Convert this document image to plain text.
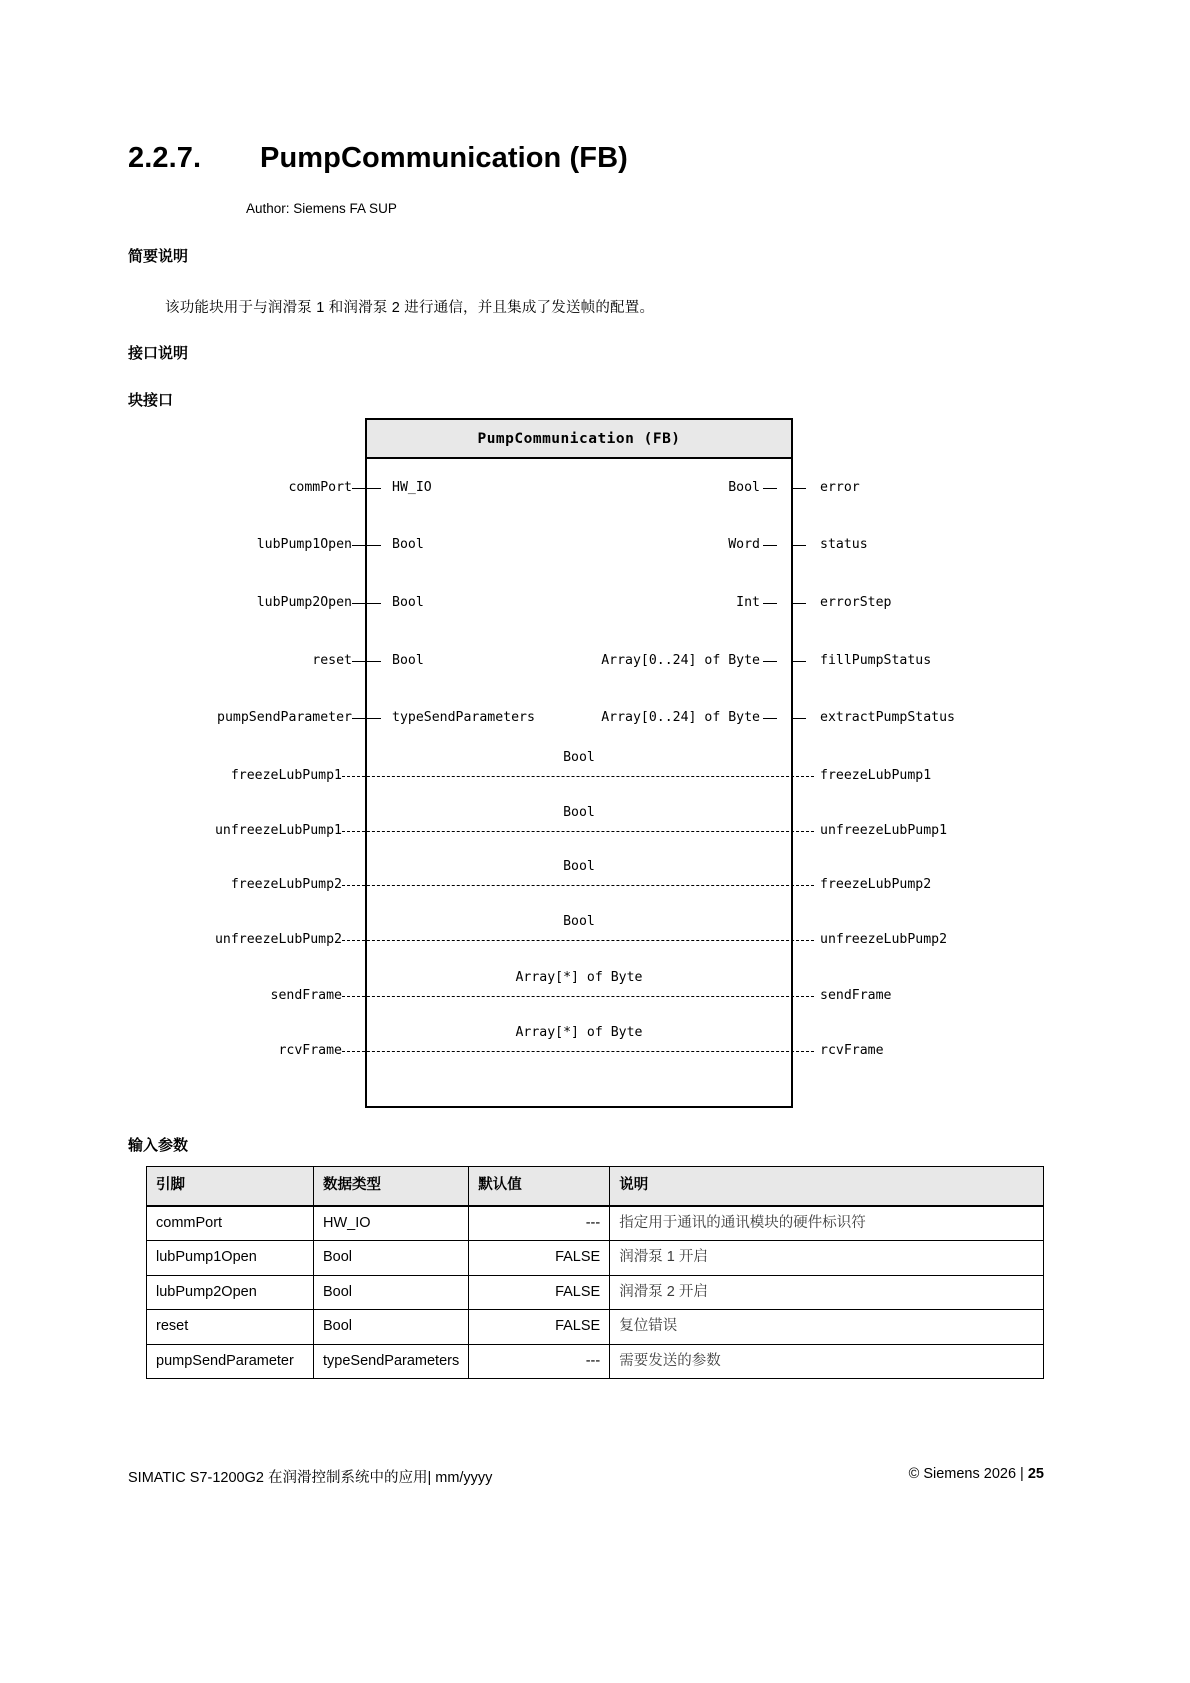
2.2.7.	PumpCommunication (FB)
Author: Siemens FA SUP
简要说明
该功能块用于与润滑泵 1 和润滑泵 2 进行通信，并且集成了发送帧的配置。
接口说明
块接口
PumpCommunication (FB)
commPort	HW_IO
lubPump1Open	Bool
lubPump2Open	Bool
reset	Bool
pumpSendParameter	typeSendParameters
Bool	error
Word	status
Int	errorStep
Array[0..24] of Byte	fillPumpStatus
Array[0..24] of Byte	extractPumpStatus
freezeLubPump1
Bool
freezeLubPump1
unfreezeLubPump1
Bool
unfreezeLubPump1
freezeLubPump2
Bool
freezeLubPump2
unfreezeLubPump2
Bool
unfreezeLubPump2
sendFrame
Array[*] of Byte
sendFrame
rcvFrame
Array[*] of Byte
rcvFrame
输入参数
引脚	数据类型	默认值	说明
commPort	HW_IO	---	指定用于通讯的通讯模块的硬件标识符
lubPump1Open	Bool	FALSE	润滑泵 1 开启
lubPump2Open	Bool	FALSE	润滑泵 2 开启
reset	Bool	FALSE	复位错误
pumpSendParameter	typeSendParameters	---	需要发送的参数
SIMATIC S7-1200G2 在润滑控制系统中的应用| mm/yyyy	© Siemens 2026 | 25
